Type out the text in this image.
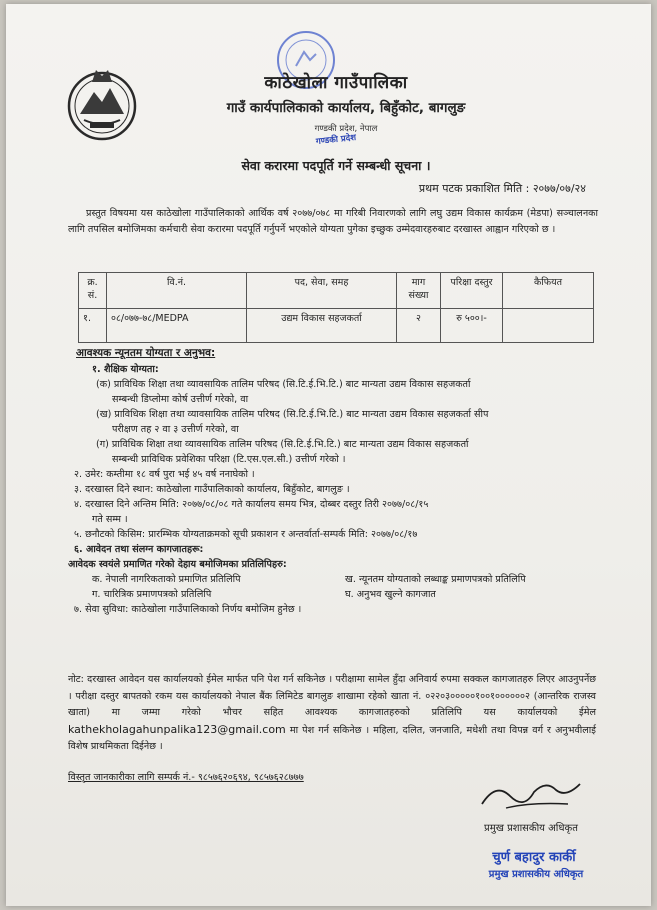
काठेखोला गाउँपालिका
गाउँ कार्यपालिकाको कार्यालय, बिहुँकोट, बागलुङ
गण्डकी प्रदेश, नेपाल
गण्डकी प्रदेश
सेवा करारमा पदपूर्ति गर्ने सम्बन्धी सूचना ।
प्रथम पटक प्रकाशित मिति : २०७७/०७/२४
प्रस्तुत विषयमा यस काठेखोला गाउँपालिकाको आर्थिक वर्ष २०७७/०७८ मा गरिबी निवारणको लागि लघु उद्यम विकास कार्यक्रम (मेडपा) सञ्चालनका लागि तपसिल बमोजिमका कर्मचारी सेवा करारमा पदपूर्ति गर्नुपर्ने भएकोले योग्यता पुगेका इच्छुक उम्मेदवारहरुबाट दरखास्त आह्वान गरिएको छ ।
क्र. सं.	वि.नं.	पद, सेवा, समह	माग संख्या	परिक्षा दस्तुर	कैफियत
१.	०८/०७७-७८/MEDPA	उद्यम विकास सहजकर्ता	२	रु ५००।-	
आवश्यक न्यूनतम योग्यता र अनुभव:
१. शैक्षिक योग्यता:
(क) प्राविधिक शिक्षा तथा व्यावसायिक तालिम परिषद (सि.टि.ई.भि.टि.) बाट मान्यता उद्यम विकास सहजकर्ता
सम्बन्धी डिप्लोमा कोर्ष उत्तीर्ण गरेको, वा
(ख) प्राविधिक शिक्षा तथा व्यावसायिक तालिम परिषद (सि.टि.ई.भि.टि.) बाट मान्यता उद्यम विकास सहजकर्ता सीप
परीक्षण तह २ वा ३ उत्तीर्ण गरेको, वा
(ग) प्राविधिक शिक्षा तथा व्यावसायिक तालिम परिषद (सि.टि.ई.भि.टि.) बाट मान्यता उद्यम विकास सहजकर्ता
सम्बन्धी प्राविधिक प्रवेशिका परिक्षा (टि.एस.एल.सी.) उत्तीर्ण गरेको ।
२. उमेर: कम्तीमा १८ वर्ष पुरा भई ४५ वर्ष ननाघेको ।
३. दरखास्त दिने स्थान: काठेखोला गाउँपालिकाको कार्यालय, बिहुँकोट, बागलुङ ।
४. दरखास्त दिने अन्तिम मिति: २०७७/०८/०८ गते कार्यालय समय भित्र, दोब्बर दस्तुर तिरी २०७७/०८/१५
गते सम्म ।
५. छनौटको किसिम: प्रारम्भिक योग्यताक्रमको सूची प्रकाशन र अन्तर्वार्ता-सम्पर्क मिति: २०७७/०८/१७
६. आवेदन तथा संलग्न कागजातहरू:
आवेदक स्वयंले प्रमाणित गरेको देहाय बमोजिमका प्रतिलिपिहरु:
क. नेपाली नागरिकताको प्रमाणित प्रतिलिपि	ख. न्यूनतम योग्यताको लब्धाङ्क प्रमाणपत्रको प्रतिलिपि
ग. चारित्रिक प्रमाणपत्रको प्रतिलिपि	घ. अनुभव खुल्ने कागजात
७. सेवा सुविधा: काठेखोला गाउँपालिकाको निर्णय बमोजिम हुनेछ ।
नोट: दरखास्त आवेदन यस कार्यालयको ईमेल मार्फत पनि पेश गर्न सकिनेछ । परीक्षामा सामेल हुँदा अनिवार्य रुपमा सक्कल कागजातहरु लिएर आउनुपर्नेछ । परीक्षा दस्तुर बापतको रकम यस कार्यालयको नेपाल बैंक लिमिटेड बागलुङ शाखामा रहेको खाता नं. ०२२०३०००००१००१००००००२ (आन्तरिक राजस्व खाता) मा जम्मा गरेको भौचर सहित आवश्यक कागजातहरुको प्रतिलिपि यस कार्यालयको ईमेल kathekholagahunpalika123@gmail.com मा पेश गर्न सकिनेछ । महिला, दलित, जनजाति, मधेशी तथा विपन्न वर्ग र अनुभवीलाई विशेष प्राथमिकता दिईनेछ ।
विस्तृत जानकारीका लागि सम्पर्क नं.- ९८५७६२०६९४, ९८५७६२८७७७
प्रमुख प्रशासकीय अधिकृत
चुर्ण बहादुर कार्की
प्रमुख प्रशासकीय अधिकृत
